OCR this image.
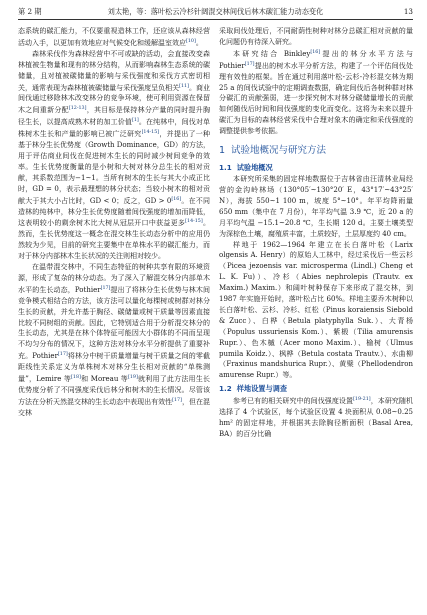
第 2 期	刘太艳，等：落叶松云冷杉针阔混交林间伐后林木碳汇能力动态变化	13

态系统的碳汇能力，不仅要重视造林工作，还应该从森林经营活动入手，以更加有效地应对气候变化和缓解温室效应[10]。

森林采伐作为森林经营中不可或缺的活动，会直接改变森林植被生物量和现有的林分结构，从而影响森林生态系统的碳储量，且对植被碳储量的影响与采伐强度和采伐方式密切相关，通常表现为森林植被碳储量与采伐强度呈负相关[11]。商业间伐通过移除林木改变林分的竞争环境，使可利用资源在保留木之间重新分配[12-13]，其目标是保持林分产量的同时提升胸径生长，以提高成熟木材的加工价值[1]。在纯林中，间伐对单株树木生长和产量的影响已被广泛研究[14-15]，并提出了一种基于林分生长优势度（Growth Dominance，GD）的方法，用于评估商业间伐在促进树木生长的同时减少树间竞争的效率。生长优势度衡量的是小树和大树对林分总生长的相对贡献，其系数范围为−1~1。当所有树木的生长与其大小成正比时，GD = 0，表示最理想的林分状态；当较小树木的相对贡献大于其大小占比时，GD < 0；反之，GD > 0[16]。在不同造林的纯林中，林分生长优势度随着间伐强度的增加而降低，这表明较小的剩余树木比大树从冠层开口中获益更多[14-15]。然而，生长优势度这一概念在混交林生长动态分析中的应用仍然较为少见，目前的研究主要集中在单株水平的碳汇能力，而对于林分内部林木生长状况的关注则相对较少。

在温带混交林中，不同生态特征的树种共享有限的环境资源，形成了复杂的林分动态。为了深入了解混交林分内部单木水平的生长动态，Pothier[17]提出了将林分生长优势与林木间竞争模式相结合的方法，该方法可以量化每棵树或树群对林分生长的贡献，并允许基于胸径、碳储量或树干质量等因素直接比较不同树组的贡献。因此，它特别适合用于分析混交林分的生长动态，尤其是在林个体特征可能因大小群体的不同而呈现不均匀分布的情况下，这种方法对林分水平分析提供了重要补充。Pothier[17]将林分中树干质量增量与树干质量之间的零截距线性关系定义为单株树木对林分生长相对贡献的“单株测量”，Lemire 等[18]和 Moreau 等[19]就利用了此方法用生长优势度分析了不同强度采伐后林分和树木的生长情况。尽管该方法在分析天然混交林的生长动态中表现出有效性[17]，但在混交林

采取间伐处理后，不同耐荫性树种对林分总碳汇相对贡献的量化问题仍有待深入研究。

本研究结合 Binkley[16]提出的林分水平方法与 Pothier[17]提出的树木水平分析方法，构建了一个评估间伐处理有效性的框架。旨在通过利用落叶松-云杉-冷杉混交林为期 25 a 的间伐试验中的定期调查数据，确定间伐后各树种群对林分碳汇的贡献强弱，进一步探究树木对林分碳储量增长的贡献如何随伐后时间和间伐强度的变化而变化。这将为未来以提升碳汇为目标的森林经营采伐中合理对象木的确定和采伐强度的调整提供参考依据。

1 试验地概况与研究方法
1.1 试验地概况

本研究所采集的固定样地数据位于吉林省由汪清林业局经营的金沟岭林场（130°05′~130°20′ E，43°17′~43°25′ N），海拔 550~1 100 m，坡度 5°~10°。年平均降雨量 650 mm（集中在 7 月份），年平均气温 3.9 ℃，近 20 a 的月平均气温 −15.1~20.8 ℃，生长期 120 d。主要土壤类型为深棕色土壤，腐殖质丰富，土质较好，土层厚度约 40 cm。

样地于 1962—1964 年建立在长白落叶松（Larix olgensis A. Henry）的原始人工林中，经过采伐后一些云杉（Picea jezoensis var. microsperma (Lindl.) Cheng et L. K. Fu)）、冷杉（Abies nephrolepis (Trautv. ex Maxim.) Maxim.）和阔叶树种保存下来形成了混交林，到 1987 年实施开始时，落叶松占比 60%。样地主要乔木树种以长白落叶松、云杉、冷杉、红松（Pinus koraiensis Siebold & Zucc）、白桦（Betula platyphylla Suk.）、大青杨（Populus ussuriensis Kom.）、紫椴（Tilia amurensis Rupr.）、色木槭（Acer mono Maxim.）、榆树（Ulmus pumila Koidz.）、枫桦（Betula costata Trautv.）、水曲柳（Fraxinus mandshurica Rupr.）、黄檗（Phellodendron amurense Rupr.）等。

1.2 样地设置与调查

参考已有的相关研究中的间伐强度设置[19-21]，本研究随机选择了 4 个试验区，每个试验区设置 4 块面积从 0.08~0.25 hm² 的固定样地，并根据其去除胸径断面积（Basal Area, BA）的百分比确
